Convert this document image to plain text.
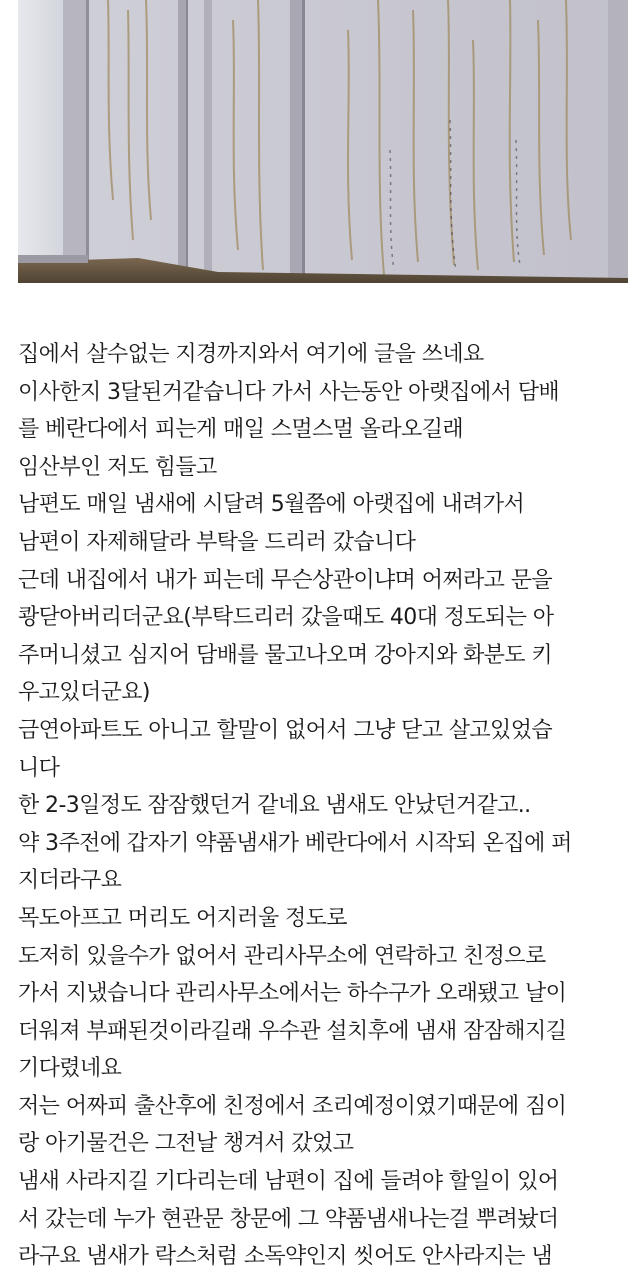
집에서 살수없는 지경까지와서 여기에 글을 쓰네요
이사한지 3달된거같습니다 가서 사는동안 아랫집에서 담배
를 베란다에서 피는게 매일 스멀스멀 올라오길래
임산부인 저도 힘들고
남편도 매일 냄새에 시달려 5월쯤에 아랫집에 내려가서
남편이 자제해달라 부탁을 드리러 갔습니다
근데 내집에서 내가 피는데 무슨상관이냐며 어쩌라고 문을
쾅닫아버리더군요(부탁드리러 갔을때도 40대 정도되는 아
주머니셨고 심지어 담배를 물고나오며 강아지와 화분도 키
우고있더군요)
금연아파트도 아니고 할말이 없어서 그냥 닫고 살고있었습
니다
한 2-3일정도 잠잠했던거 같네요 냄새도 안났던거같고..
약 3주전에 갑자기 약품냄새가 베란다에서 시작되 온집에 퍼
지더라구요
목도아프고 머리도 어지러울 정도로
도저히 있을수가 없어서 관리사무소에 연락하고 친정으로
가서 지냈습니다 관리사무소에서는 하수구가 오래됐고 날이
더워져 부패된것이라길래 우수관 설치후에 냄새 잠잠해지길
기다렸네요
저는 어짜피 출산후에 친정에서 조리예정이였기때문에 짐이
랑 아기물건은 그전날 챙겨서 갔었고
냄새 사라지길 기다리는데 남편이 집에 들려야 할일이 있어
서 갔는데 누가 현관문 창문에 그 약품냄새나는걸 뿌려놨더
라구요 냄새가 락스처럼 소독약인지 씻어도 안사라지는 냄
